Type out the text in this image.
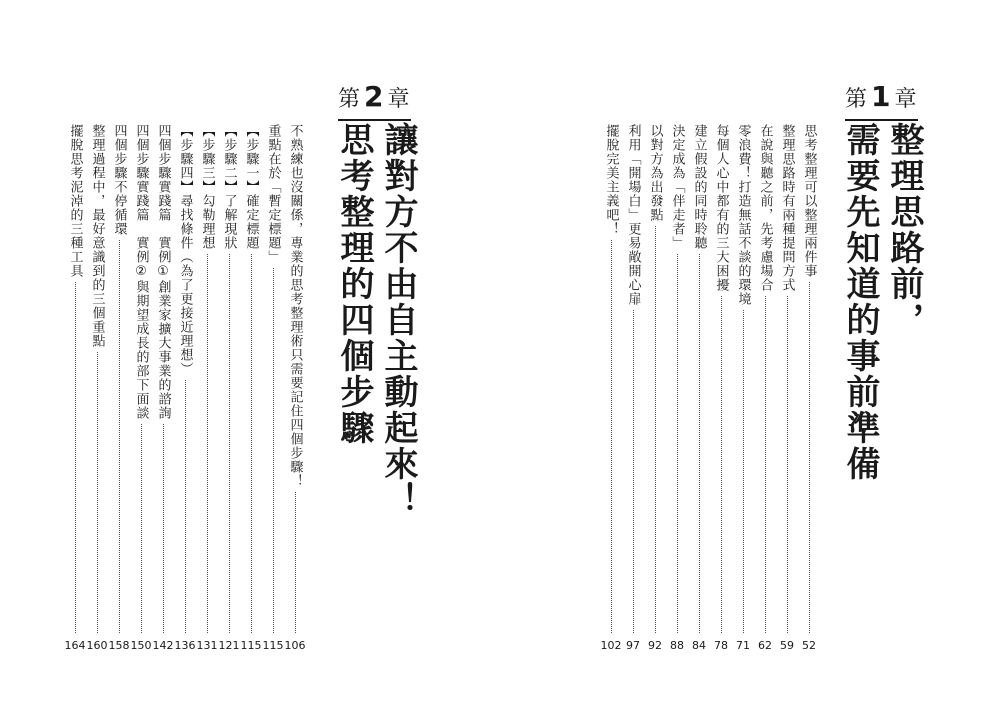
第 1 章
整理思路前，
需要先知道的事前準備
思考整理可以整理兩件事
52
整理思路時有兩種提問方式
59
在說與聽之前，先考慮場合
62
零浪費！打造無話不談的環境
71
每個人心中都有的三大困擾
78
建立假設的同時聆聽
84
決定成為「伴走者」
88
以對方為出發點
92
利用「開場白」更易敞開心扉
97
擺脫完美主義吧！
102
第 2 章
讓對方不由自主動起來！
思考整理的四個步驟
不熟練也沒關係，專業的思考整理術只需要記住四個步驟！
106
重點在於「暫定標題」
115
【步驟一】確定標題
115
【步驟二】了解現狀
121
【步驟三】勾勒理想
131
【步驟四】尋找條件（為了更接近理想）
136
四個步驟實踐篇　實例①創業家擴大事業的諮詢
142
四個步驟實踐篇　實例②與期望成長的部下面談
150
四個步驟不停循環
158
整理過程中，最好意識到的三個重點
160
擺脫思考泥淖的三種工具
164
